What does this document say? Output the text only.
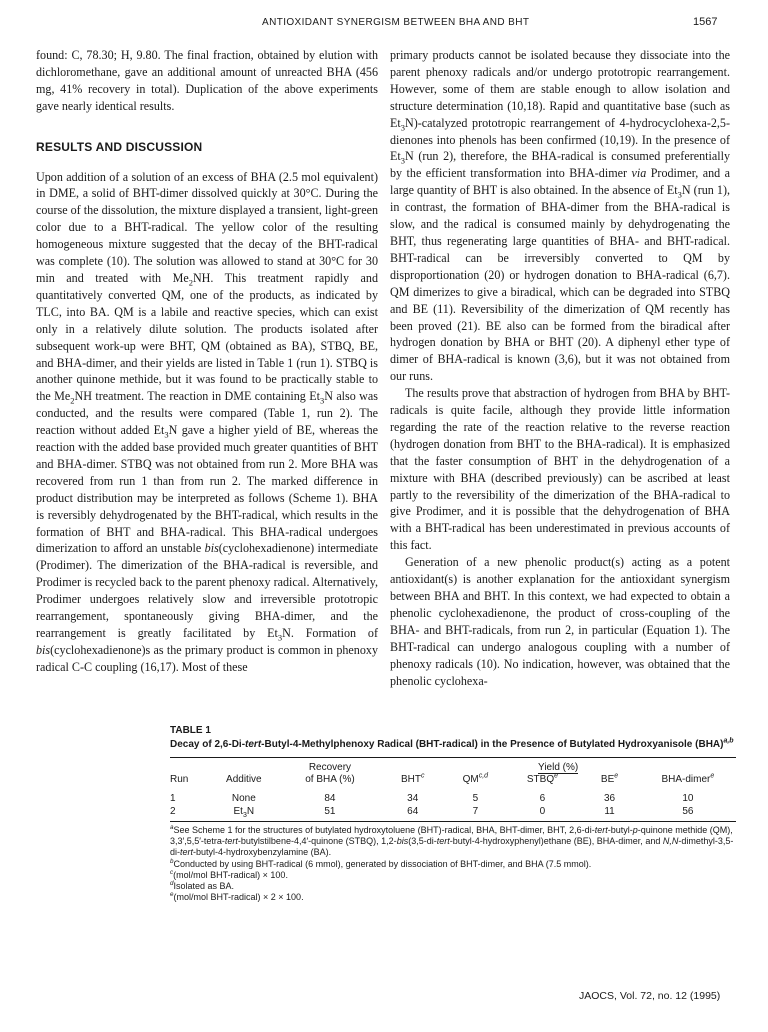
ANTIOXIDANT SYNERGISM BETWEEN BHA AND BHT	1567

found: C, 78.30; H, 9.80. The final fraction, obtained by elution with dichloromethane, gave an additional amount of unreacted BHA (456 mg, 41% recovery in total). Duplication of the above experiments gave nearly identical results.

RESULTS AND DISCUSSION

Upon addition of a solution of an excess of BHA (2.5 mol equivalent) in DME, a solid of BHT-dimer dissolved quickly at 30°C. During the course of the dissolution, the mixture displayed a transient, light-green color due to a BHT-radical. The yellow color of the resulting homogeneous mixture suggested that the decay of the BHT-radical was complete (10). The solution was allowed to stand at 30°C for 30 min and treated with $Me_2NH$. This treatment rapidly and quantitatively converted QM, one of the products, as indicated by TLC, into BA. QM is a labile and reactive species, which can exist only in a relatively dilute solution. The products isolated after subsequent work-up were BHT, QM (obtained as BA), STBQ, BE, and BHA-dimer, and their yields are listed in Table 1 (run 1). STBQ is another quinone methide, but it was found to be practically stable to the $Me_2NH$ treatment. The reaction in DME containing $Et_3N$ also was conducted, and the results were compared (Table 1, run 2). The reaction without added $Et_3N$ gave a higher yield of BE, whereas the reaction with the added base provided much greater quantities of BHT and BHA-dimer. STBQ was not obtained from run 2. More BHA was recovered from run 1 than from run 2. The marked difference in product distribution may be interpreted as follows (Scheme 1). BHA is reversibly dehydrogenated by the BHT-radical, which results in the formation of BHT and BHA-radical. This BHA-radical undergoes dimerization to afford an unstable bis(cyclohexadienone) intermediate (Prodimer). The dimerization of the BHA-radical is reversible, and Prodimer is recycled back to the parent phenoxy radical. Alternatively, Prodimer undergoes relatively slow and irreversible prototropic rearrangement, spontaneously giving BHA-dimer, and the rearrangement is greatly facilitated by $Et_3N$. Formation of bis(cyclohexadienone)s as the primary product is common in phenoxy radical C-C coupling (16,17). Most of these

primary products cannot be isolated because they dissociate into the parent phenoxy radicals and/or undergo prototropic rearrangement. However, some of them are stable enough to allow isolation and structure determination (10,18). Rapid and quantitative base (such as $Et_3N$)-catalyzed prototropic rearrangement of 4-hydrocyclohexa-2,5-dienones into phenols has been confirmed (10,19). In the presence of $Et_3N$ (run 2), therefore, the BHA-radical is consumed preferentially by the efficient transformation into BHA-dimer via Prodimer, and a large quantity of BHT is also obtained. In the absence of $Et_3N$ (run 1), in contrast, the formation of BHA-dimer from the BHA-radical is slow, and the radical is consumed mainly by dehydrogenating the BHT, thus regenerating large quantities of BHA- and BHT-radical. BHT-radical can be irreversibly converted to QM by disproportionation (20) or hydrogen donation to BHA-radical (6,7). QM dimerizes to give a biradical, which can be degraded into STBQ and BE (11). Reversibility of the dimerization of QM recently has been proved (21). BE also can be formed from the biradical after hydrogen donation by BHA or BHT (20). A diphenyl ether type of dimer of BHA-radical is known (3,6), but it was not obtained from our runs.

The results prove that abstraction of hydrogen from BHA by BHT-radicals is quite facile, although they provide little information regarding the rate of the reaction relative to the reverse reaction (hydrogen donation from BHT to the BHA-radical). It is emphasized that the faster consumption of BHT in the dehydrogenation of a mixture with BHA (described previously) can be ascribed at least partly to the reversibility of the dimerization of the BHA-radical to give Prodimer, and it is possible that the dehydrogenation of BHA with a BHT-radical has been underestimated in previous accounts of this fact.

Generation of a new phenolic product(s) acting as a potent antioxidant(s) is another explanation for the antioxidant synergism between BHA and BHT. In this context, we had expected to obtain a phenolic cyclohexadienone, the product of cross-coupling of the BHA- and BHT-radicals, from run 2, in particular (Equation 1). The BHT-radical can undergo analogous coupling with a number of phenoxy radicals (10). No indication, however, was obtained that the phenolic cyclohexa-

TABLE 1
Decay of 2,6-Di-tert-Butyl-4-Methylphenoxy Radical (BHT-radical) in the Presence of Butylated Hydroxyanisole (BHA)$^{a,b}$
		Recovery	Yield (%)				
Run	Additive	of BHA (%)	BHT$^c$	QM$^{c,d}$	STBQ$^e$	$BE^e$	BHA-dimer$^e$
1	None	84	34	5	6	36	10
2	$Et_3N$	51	64	7	0	11	56
$^a$See Scheme 1 for the structures of butylated hydroxytoluene (BHT)-radical, BHA, BHT-dimer, BHT, 2,6-di-tert-butyl-p-quinone methide (QM), 3,3′,5,5′-tetra-tert-butylstilbene-4,4′-quinone (STBQ), 1,2-bis(3,5-di-tert-butyl-4-hydroxyphenyl)ethane (BE), BHA-dimer, and N,N-dimethyl-3,5-di-tert-butyl-4-hydroxybenzylamine (BA).
$^b$Conducted by using BHT-radical (6 mmol), generated by dissociation of BHT-dimer, and BHA (7.5 mmol).
$^c$(mol/mol BHT-radical) × 100.
$^d$Isolated as BA.
$^e$(mol/mol BHT-radical) × 2 × 100.
JAOCS, Vol. 72, no. 12 (1995)
